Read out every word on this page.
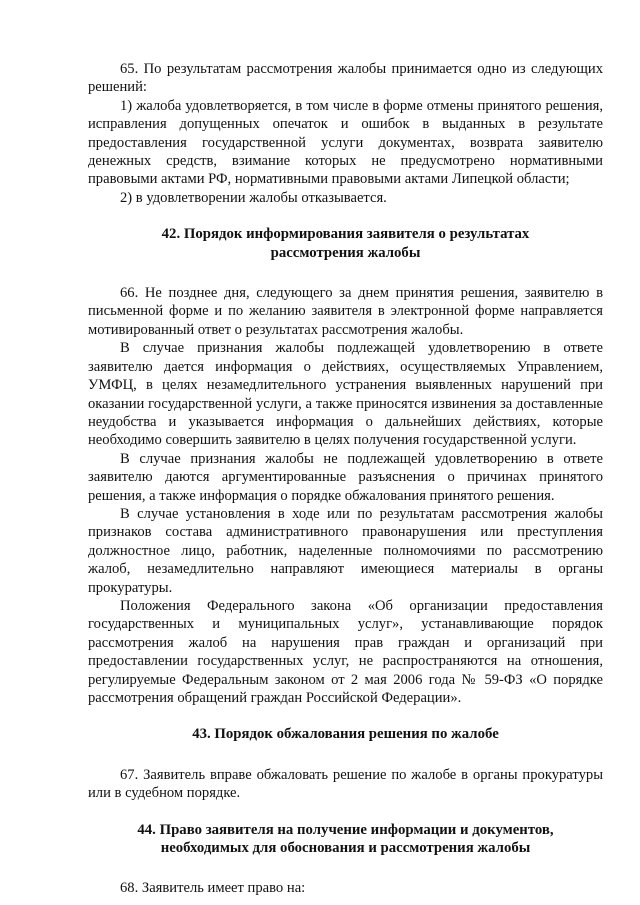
65. По результатам рассмотрения жалобы принимается одно из следующих решений:

1) жалоба удовлетворяется, в том числе в форме отмены принятого решения, исправления допущенных опечаток и ошибок в выданных в результате предоставления государственной услуги документах, возврата заявителю денежных средств, взимание которых не предусмотрено нормативными правовыми актами РФ, нормативными правовыми актами Липецкой области;

2) в удовлетворении жалобы отказывается.

42. Порядок информирования заявителя о результатах рассмотрения жалобы

66. Не позднее дня, следующего за днем принятия решения, заявителю в письменной форме и по желанию заявителя в электронной форме направляется мотивированный ответ о результатах рассмотрения жалобы.

В случае признания жалобы подлежащей удовлетворению в ответе заявителю дается информация о действиях, осуществляемых Управлением, УМФЦ, в целях незамедлительного устранения выявленных нарушений при оказании государственной услуги, а также приносятся извинения за доставленные неудобства и указывается информация о дальнейших действиях, которые необходимо совершить заявителю в целях получения государственной услуги.

В случае признания жалобы не подлежащей удовлетворению в ответе заявителю даются аргументированные разъяснения о причинах принятого решения, а также информация о порядке обжалования принятого решения.

В случае установления в ходе или по результатам рассмотрения жалобы признаков состава административного правонарушения или преступления должностное лицо, работник, наделенные полномочиями по рассмотрению жалоб, незамедлительно направляют имеющиеся материалы в органы прокуратуры.

Положения Федерального закона «Об организации предоставления государственных и муниципальных услуг», устанавливающие порядок рассмотрения жалоб на нарушения прав граждан и организаций при предоставлении государственных услуг, не распространяются на отношения, регулируемые Федеральным законом от 2 мая 2006 года № 59-ФЗ «О порядке рассмотрения обращений граждан Российской Федерации».

43. Порядок обжалования решения по жалобе

67. Заявитель вправе обжаловать решение по жалобе в органы прокуратуры или в судебном порядке.

44. Право заявителя на получение информации и документов, необходимых для обоснования и рассмотрения жалобы

68. Заявитель имеет право на:
